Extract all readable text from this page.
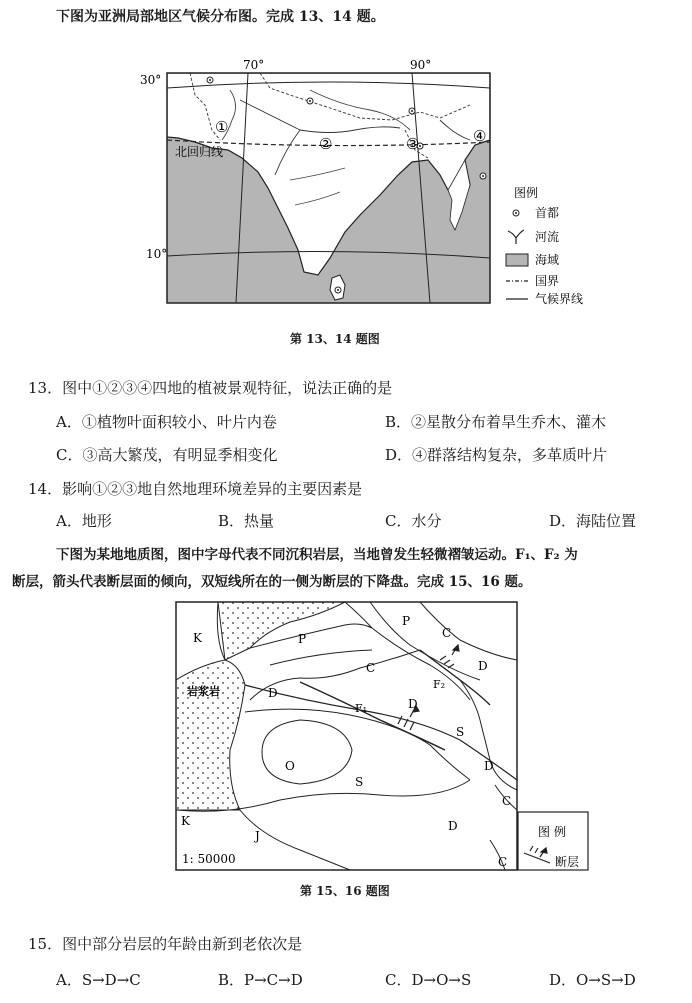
下图为亚洲局部地区气候分布图。完成 13、14 题。
70°	90°
30°
10°
北回归线
①
②	③	④
图例
首都
河流
海域
国界
气候界线
第 13、14 题图
13．图中①②③④四地的植被景观特征，说法正确的是
A．①植物叶面积较小、叶片内卷	B．②星散分布着旱生乔木、灌木
C．③高大繁茂，有明显季相变化	D．④群落结构复杂，多革质叶片
14．影响①②③地自然地理环境差异的主要因素是
A．地形	B．热量	C．水分	D．海陆位置
下图为某地地质图，图中字母代表不同沉积岩层，当地曾发生轻微褶皱运动。F₁、F₂ 为
断层，箭头代表断层面的倾向，双短线所在的一侧为断层的下降盘。完成 15、16 题。
图 例
断层
K	P
P
C
C	D
F₂
D
岩浆岩
F₁	D
S
O
S
D
C
K	D
J
1: 50000	C
第 15、16 题图
15．图中部分岩层的年龄由新到老依次是
A．S→D→C	B．P→C→D	C．D→O→S	D．O→S→D
